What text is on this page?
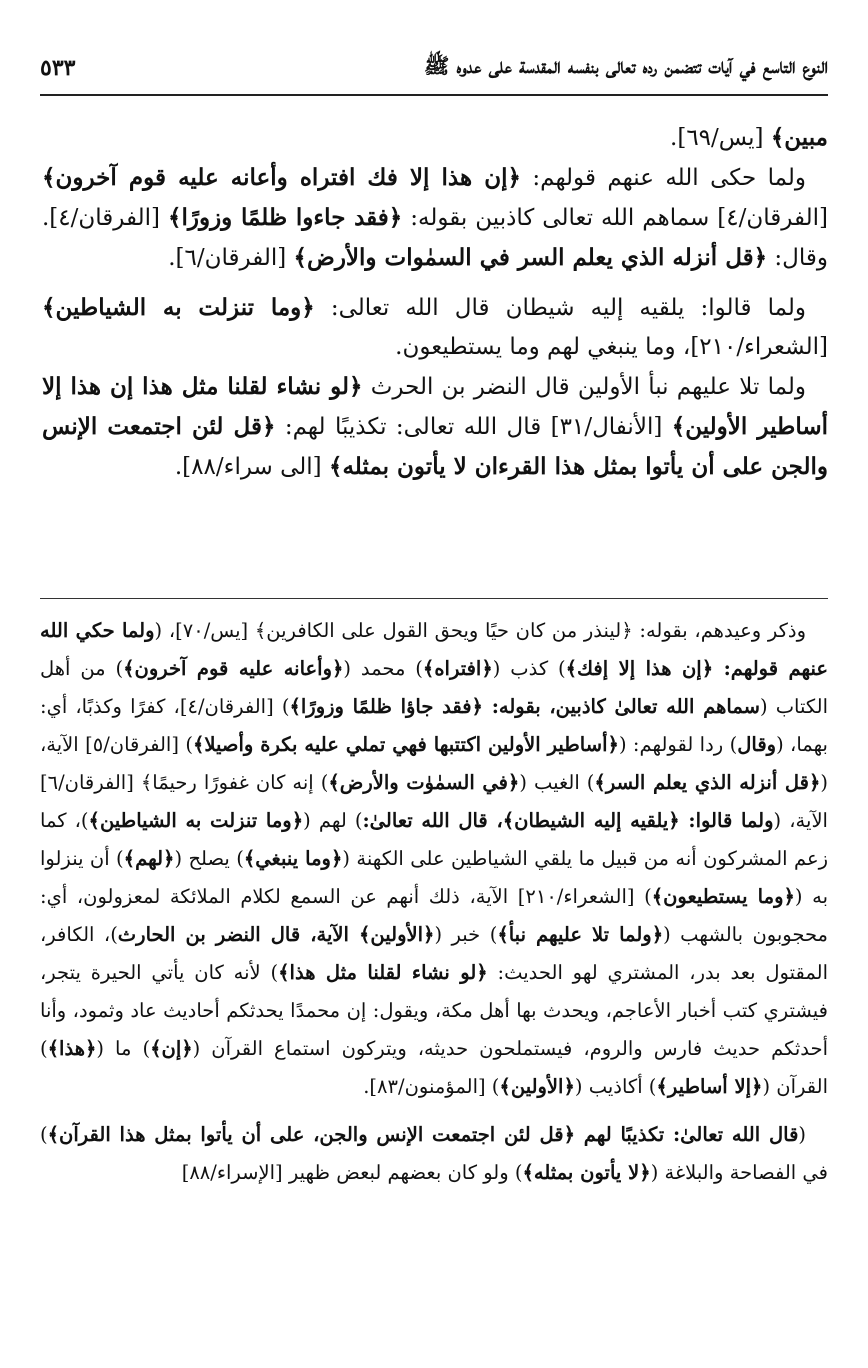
النوع التاسع في آيات تتضمن رده تعالى بنفسه المقدسة على عدوه ﷺ
٥٣٣

مبين﴾ [يس/٦٩].

ولما حكى الله عنهم قولهم: ﴿إن هذا إلا فك افتراه وأعانه عليه قوم آخرون﴾ [الفرقان/٤] سماهم الله تعالى كاذبين بقوله: ﴿فقد جاءوا ظلمًا وزورًا﴾ [الفرقان/٤]. وقال: ﴿قل أنزله الذي يعلم السر في السمٰوات والأرض﴾ [الفرقان/٦].

ولما قالوا: يلقيه إليه شيطان قال الله تعالى: ﴿وما تنزلت به الشياطين﴾ [الشعراء/٢١٠]، وما ينبغي لهم وما يستطيعون.

ولما تلا عليهم نبأ الأولين قال النضر بن الحرث ﴿لو نشاء لقلنا مثل هذا إن هذا إلا أساطير الأولين﴾ [الأنفال/٣١] قال الله تعالى: تكذيبًا لهم: ﴿قل لئن اجتمعت الإنس والجن على أن يأتوا بمثل هذا القرءان لا يأتون بمثله﴾ [الى سراء/٨٨].

وذكر وعيدهم، بقوله: ﴿لينذر من كان حيًا ويحق القول على الكافرين﴾ [يس/٧٠]، (ولما حكي الله عنهم قولهم: ﴿إن هذا إلا إفك﴾) كذب (﴿افتراه﴾) محمد (﴿وأعانه عليه قوم آخرون﴾) من أهل الكتاب (سماهم الله تعالىٰ كاذبين، بقوله: ﴿فقد جاؤا ظلمًا وزورًا﴾) [الفرقان/٤]، كفرًا وكذبًا، أي: بهما، (وقال) ردا لقولهم: (﴿أساطير الأولين اكتتبها فهي تملي عليه بكرة وأصيلا﴾) [الفرقان/٥] الآية، (﴿قل أنزله الذي يعلم السر﴾) الغيب (﴿في السمٰوٰت والأرض﴾) إنه كان غفورًا رحيمًا﴾ [الفرقان/٦] الآية، (ولما قالوا: ﴿يلقيه إليه الشيطان﴾، قال الله تعالىٰ:) لهم (﴿وما تنزلت به الشياطين﴾)، كما زعم المشركون أنه من قبيل ما يلقي الشياطين على الكهنة (﴿وما ينبغي﴾) يصلح (﴿لهم﴾) أن ينزلوا به (﴿وما يستطيعون﴾) [الشعراء/٢١٠] الآية، ذلك أنهم عن السمع لكلام الملائكة لمعزولون، أي: محجوبون بالشهب (﴿ولما تلا عليهم نبأ﴾) خبر (﴿الأولين﴾ الآية، قال النضر بن الحارث)، الكافر، المقتول بعد بدر، المشتري لهو الحديث: ﴿لو نشاء لقلنا مثل هذا﴾) لأنه كان يأتي الحيرة يتجر، فيشتري كتب أخبار الأعاجم، ويحدث بها أهل مكة، ويقول: إن محمدًا يحدثكم أحاديث عاد وثمود، وأنا أحدثكم حديث فارس والروم، فيستملحون حديثه، ويتركون استماع القرآن (﴿إن﴾) ما (﴿هذا﴾) القرآن (﴿إلا أساطير﴾) أكاذيب (﴿الأولين﴾) [المؤمنون/٨٣].

(قال الله تعالىٰ: تكذيبًا لهم ﴿قل لئن اجتمعت الإنس والجن، على أن يأتوا بمثل هذا القرآن﴾) في الفصاحة والبلاغة (﴿لا يأتون بمثله﴾) ولو كان بعضهم لبعض ظهير [الإسراء/٨٨]
